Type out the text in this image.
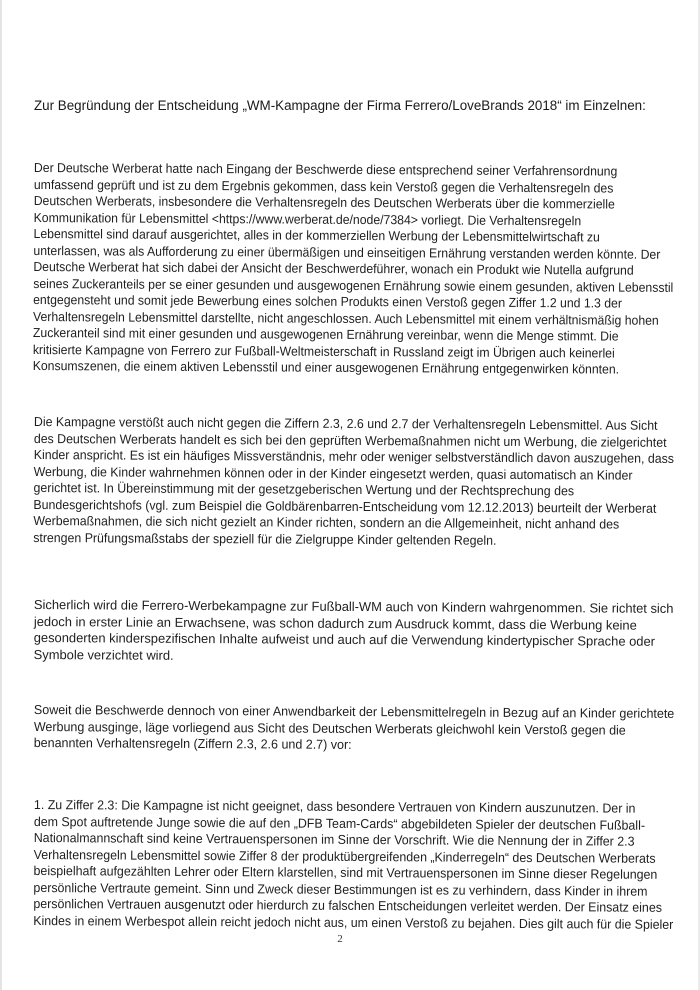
Zur Begründung der Entscheidung „WM-Kampagne der Firma Ferrero/LoveBrands 2018“ im Einzelnen:
Der Deutsche Werberat hatte nach Eingang der Beschwerde diese entsprechend seiner Verfahrensordnung
umfassend geprüft und ist zu dem Ergebnis gekommen, dass kein Verstoß gegen die Verhaltensregeln des
Deutschen Werberats, insbesondere die Verhaltensregeln des Deutschen Werberats über die kommerzielle
Kommunikation für Lebensmittel <https://www.werberat.de/node/7384> vorliegt. Die Verhaltensregeln
Lebensmittel sind darauf ausgerichtet, alles in der kommerziellen Werbung der Lebensmittelwirtschaft zu
unterlassen, was als Aufforderung zu einer übermäßigen und einseitigen Ernährung verstanden werden könnte. Der
Deutsche Werberat hat sich dabei der Ansicht der Beschwerdeführer, wonach ein Produkt wie Nutella aufgrund
seines Zuckeranteils per se einer gesunden und ausgewogenen Ernährung sowie einem gesunden, aktiven Lebensstil
entgegensteht und somit jede Bewerbung eines solchen Produkts einen Verstoß gegen Ziffer 1.2 und 1.3 der
Verhaltensregeln Lebensmittel darstellte, nicht angeschlossen. Auch Lebensmittel mit einem verhältnismäßig hohen
Zuckeranteil sind mit einer gesunden und ausgewogenen Ernährung vereinbar, wenn die Menge stimmt. Die
kritisierte Kampagne von Ferrero zur Fußball-Weltmeisterschaft in Russland zeigt im Übrigen auch keinerlei
Konsumszenen, die einem aktiven Lebensstil und einer ausgewogenen Ernährung entgegenwirken könnten.
Die Kampagne verstößt auch nicht gegen die Ziffern 2.3, 2.6 und 2.7 der Verhaltensregeln Lebensmittel. Aus Sicht
des Deutschen Werberats handelt es sich bei den geprüften Werbemaßnahmen nicht um Werbung, die zielgerichtet
Kinder anspricht. Es ist ein häufiges Missverständnis, mehr oder weniger selbstverständlich davon auszugehen, dass
Werbung, die Kinder wahrnehmen können oder in der Kinder eingesetzt werden, quasi automatisch an Kinder
gerichtet ist. In Übereinstimmung mit der gesetzgeberischen Wertung und der Rechtsprechung des
Bundesgerichtshofs (vgl. zum Beispiel die Goldbärenbarren-Entscheidung vom 12.12.2013) beurteilt der Werberat
Werbemaßnahmen, die sich nicht gezielt an Kinder richten, sondern an die Allgemeinheit, nicht anhand des
strengen Prüfungsmaßstabs der speziell für die Zielgruppe Kinder geltenden Regeln.
Sicherlich wird die Ferrero-Werbekampagne zur Fußball-WM auch von Kindern wahrgenommen. Sie richtet sich
jedoch in erster Linie an Erwachsene, was schon dadurch zum Ausdruck kommt, dass die Werbung keine
gesonderten kinderspezifischen Inhalte aufweist und auch auf die Verwendung kindertypischer Sprache oder
Symbole verzichtet wird.
Soweit die Beschwerde dennoch von einer Anwendbarkeit der Lebensmittelregeln in Bezug auf an Kinder gerichtete
Werbung ausginge, läge vorliegend aus Sicht des Deutschen Werberats gleichwohl kein Verstoß gegen die
benannten Verhaltensregeln (Ziffern 2.3, 2.6 und 2.7) vor:
1. Zu Ziffer 2.3: Die Kampagne ist nicht geeignet, dass besondere Vertrauen von Kindern auszunutzen. Der in
dem Spot auftretende Junge sowie die auf den „DFB Team-Cards“ abgebildeten Spieler der deutschen Fußball-
Nationalmannschaft sind keine Vertrauenspersonen im Sinne der Vorschrift. Wie die Nennung der in Ziffer 2.3
Verhaltensregeln Lebensmittel sowie Ziffer 8 der produktübergreifenden „Kinderregeln“ des Deutschen Werberats
beispielhaft aufgezählten Lehrer oder Eltern klarstellen, sind mit Vertrauenspersonen im Sinne dieser Regelungen
persönliche Vertraute gemeint. Sinn und Zweck dieser Bestimmungen ist es zu verhindern, dass Kinder in ihrem
persönlichen Vertrauen ausgenutzt oder hierdurch zu falschen Entscheidungen verleitet werden. Der Einsatz eines
Kindes in einem Werbespot allein reicht jedoch nicht aus, um einen Verstoß zu bejahen. Dies gilt auch für die Spieler
2
